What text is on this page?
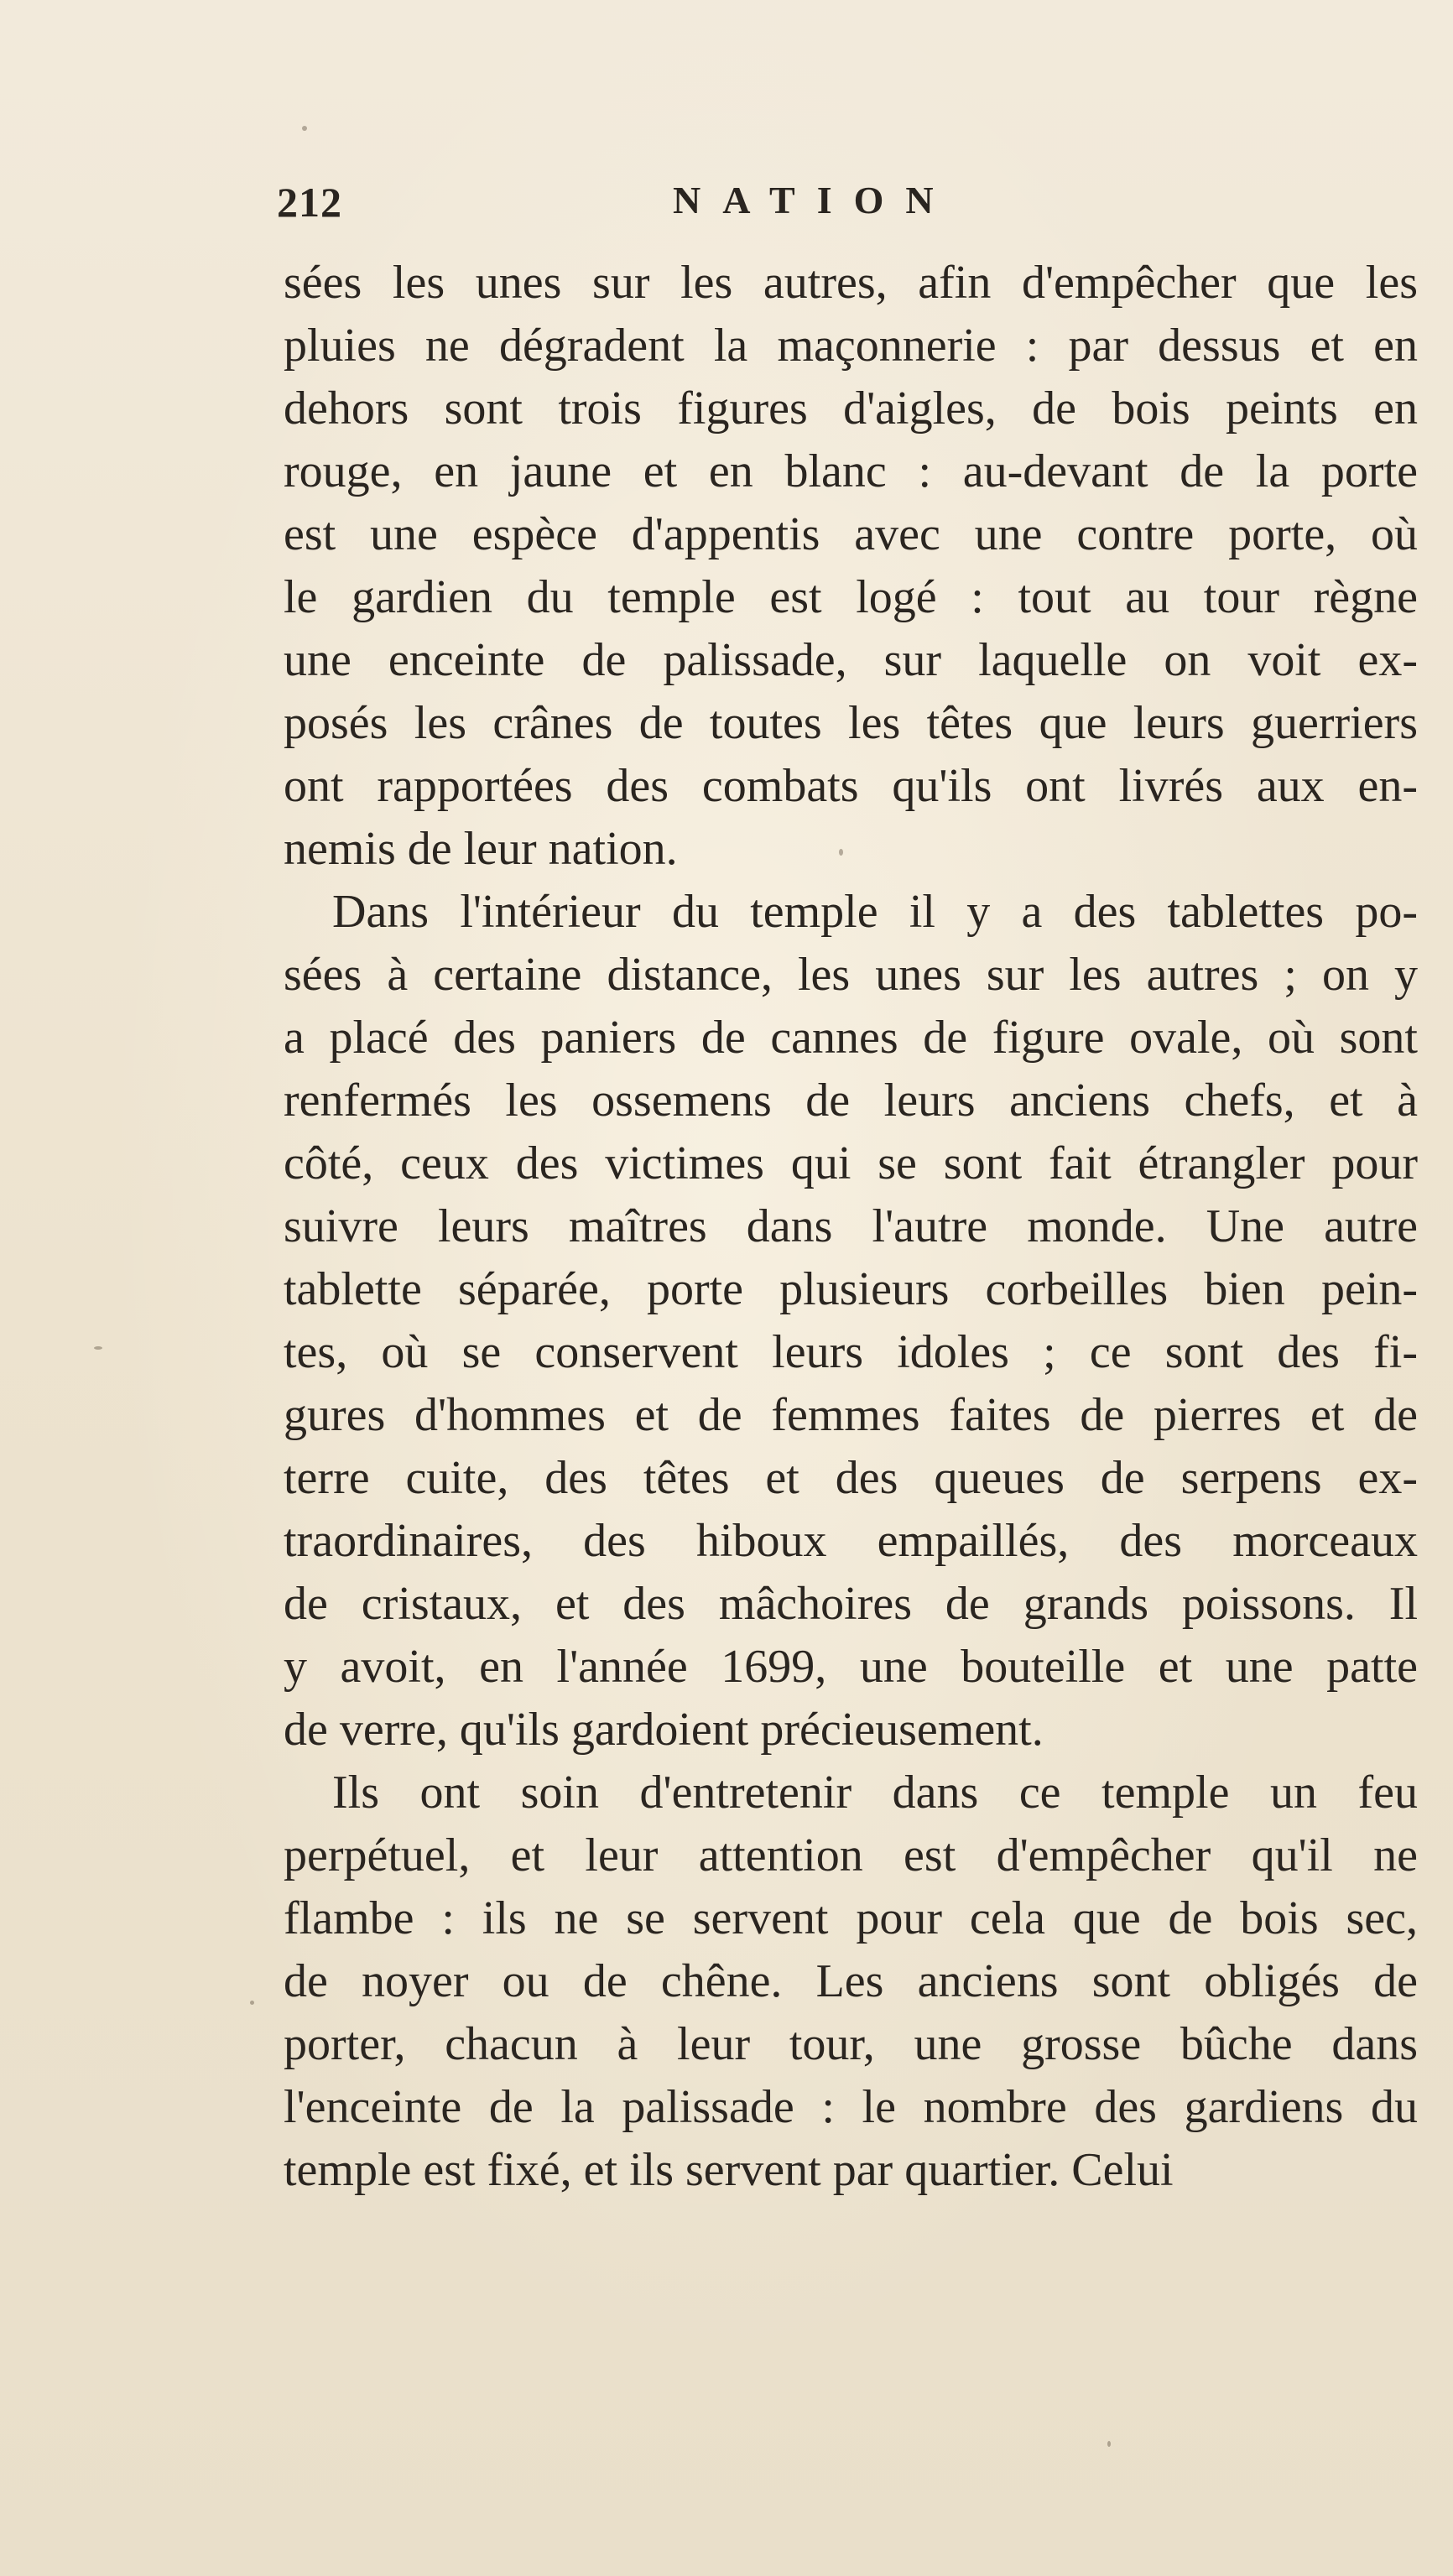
212	NATION
sées les unes sur les autres, afin d'empêcher que les
pluies ne dégradent la maçonnerie : par dessus et en
dehors sont trois figures d'aigles, de bois peints en
rouge, en jaune et en blanc : au-devant de la porte
est une espèce d'appentis avec une contre porte, où
le gardien du temple est logé : tout au tour règne
une enceinte de palissade, sur laquelle on voit ex-
posés les crânes de toutes les têtes que leurs guerriers
ont rapportées des combats qu'ils ont livrés aux en-
nemis de leur nation.
Dans l'intérieur du temple il y a des tablettes po-
sées à certaine distance, les unes sur les autres ; on y
a placé des paniers de cannes de figure ovale, où sont
renfermés les ossemens de leurs anciens chefs, et à
côté, ceux des victimes qui se sont fait étrangler pour
suivre leurs maîtres dans l'autre monde. Une autre
tablette séparée, porte plusieurs corbeilles bien pein-
tes, où se conservent leurs idoles ; ce sont des fi-
gures d'hommes et de femmes faites de pierres et de
terre cuite, des têtes et des queues de serpens ex-
traordinaires, des hiboux empaillés, des morceaux
de cristaux, et des mâchoires de grands poissons. Il
y avoit, en l'année 1699, une bouteille et une patte
de verre, qu'ils gardoient précieusement.
Ils ont soin d'entretenir dans ce temple un feu
perpétuel, et leur attention est d'empêcher qu'il ne
flambe : ils ne se servent pour cela que de bois sec,
de noyer ou de chêne. Les anciens sont obligés de
porter, chacun à leur tour, une grosse bûche dans
l'enceinte de la palissade : le nombre des gardiens du
temple est fixé, et ils servent par quartier. Celui
